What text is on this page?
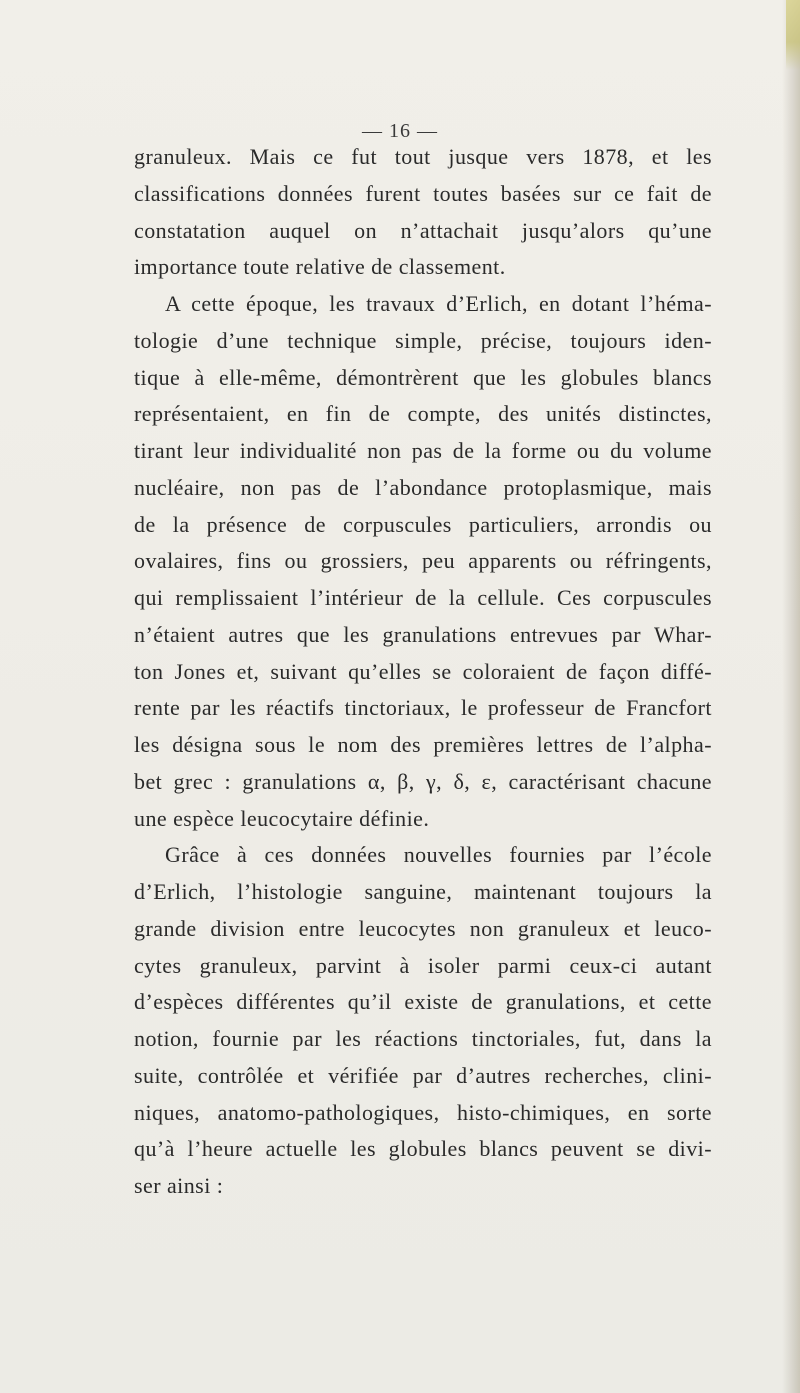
— 16 —
granuleux. Mais ce fut tout jusque vers 1878, et les
classifications données furent toutes basées sur ce fait de
constatation auquel on n’attachait jusqu’alors qu’une
importance toute relative de classement.
A cette époque, les travaux d’Erlich, en dotant l’héma-
tologie d’une technique simple, précise, toujours iden-
tique à elle-même, démontrèrent que les globules blancs
représentaient, en fin de compte, des unités distinctes,
tirant leur individualité non pas de la forme ou du volume
nucléaire, non pas de l’abondance protoplasmique, mais
de la présence de corpuscules particuliers, arrondis ou
ovalaires, fins ou grossiers, peu apparents ou réfringents,
qui remplissaient l’intérieur de la cellule. Ces corpuscules
n’étaient autres que les granulations entrevues par Whar-
ton Jones et, suivant qu’elles se coloraient de façon diffé-
rente par les réactifs tinctoriaux, le professeur de Francfort
les désigna sous le nom des premières lettres de l’alpha-
bet grec : granulations α, β, γ, δ, ε, caractérisant chacune
une espèce leucocytaire définie.
Grâce à ces données nouvelles fournies par l’école
d’Erlich, l’histologie sanguine, maintenant toujours la
grande division entre leucocytes non granuleux et leuco-
cytes granuleux, parvint à isoler parmi ceux-ci autant
d’espèces différentes qu’il existe de granulations, et cette
notion, fournie par les réactions tinctoriales, fut, dans la
suite, contrôlée et vérifiée par d’autres recherches, clini-
niques, anatomo-pathologiques, histo-chimiques, en sorte
qu’à l’heure actuelle les globules blancs peuvent se divi-
ser ainsi :
